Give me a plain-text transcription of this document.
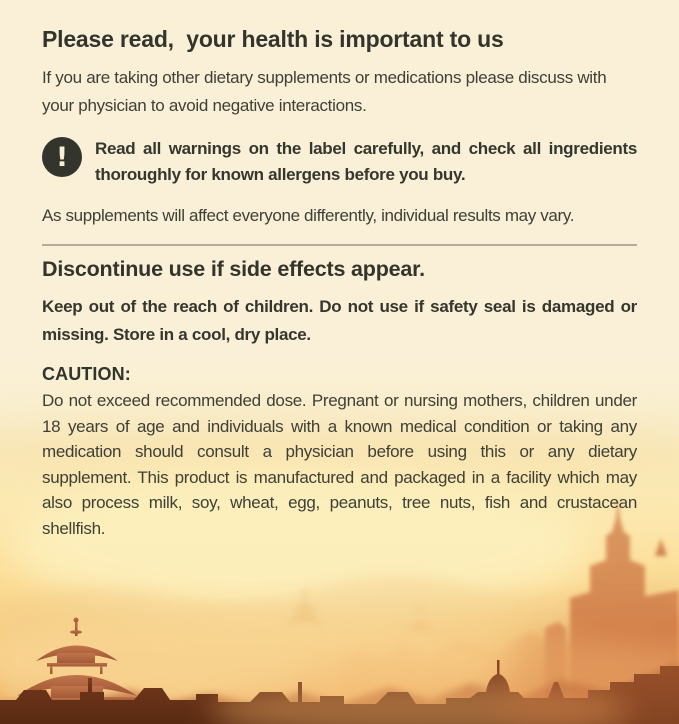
Please read,  your health is important to us

If you are taking other dietary supplements or medications please discuss with your physician to avoid negative interactions.

!	Read all warnings on the label carefully, and check all ingredients thoroughly for known allergens before you buy.

As supplements will affect everyone differently, individual results may vary.

Discontinue use if side effects appear.

Keep out of the reach of children. Do not use if safety seal is damaged or missing. Store in a cool, dry place.

CAUTION:

Do not exceed recommended dose. Pregnant or nursing mothers, children under 18 years of age and individuals with a known medical condition or taking any medication should consult a physician before using this or any dietary supplement. This product is manufactured and packaged in a facility which may also process milk, soy, wheat, egg, peanuts, tree nuts, fish and crustacean shellfish.
